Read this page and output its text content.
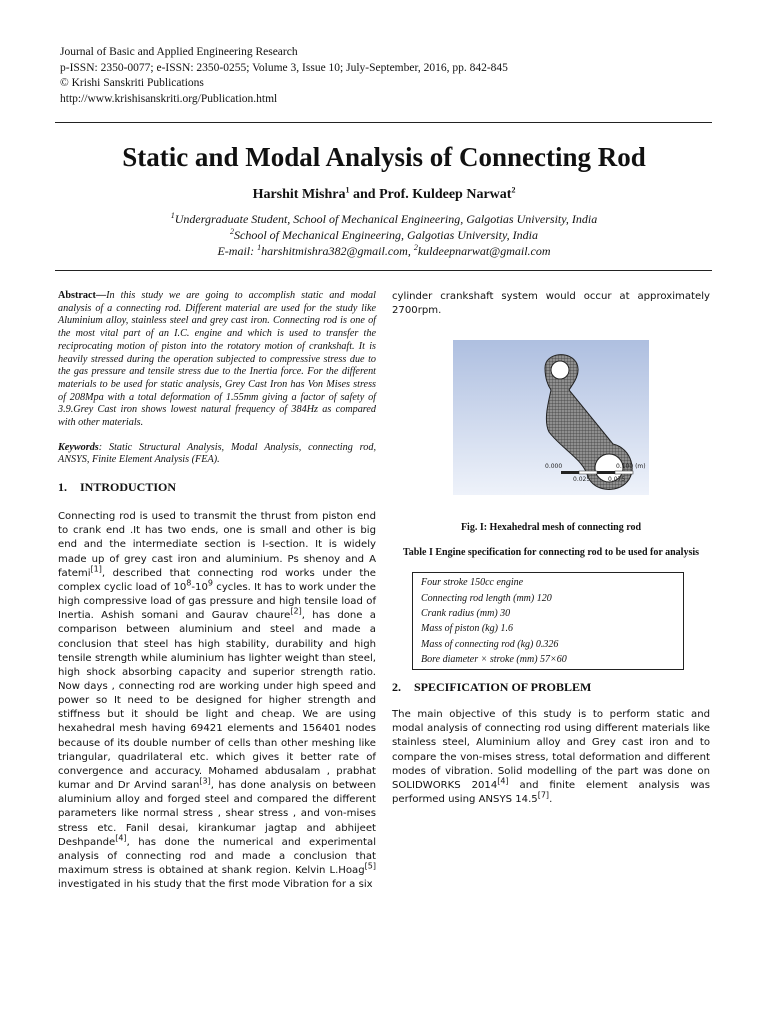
Journal of Basic and Applied Engineering Research
p-ISSN: 2350-0077; e-ISSN: 2350-0255; Volume 3, Issue 10; July-September, 2016, pp. 842-845
© Krishi Sanskriti Publications
http://www.krishisanskriti.org/Publication.html
Static and Modal Analysis of Connecting Rod
Harshit Mishra$^1$ and Prof. Kuldeep Narwat$^2$
$^1$Undergraduate Student, School of Mechanical Engineering, Galgotias University, India
$^2$School of Mechanical Engineering, Galgotias University, India
E-mail: $^1$harshitmishra382@gmail.com, $^2$kuldeepnarwat@gmail.com

Abstract—In this study we are going to accomplish static and modal analysis of a connecting rod. Different material are used for the study like Aluminium alloy, stainless steel and grey cast iron. Connecting rod is one of the most vital part of an I.C. engine and which is used to transfer the reciprocating motion of piston into the rotatory motion of crankshaft. It is heavily stressed during the operation subjected to compressive stress due to the gas pressure and tensile stress due to the Inertia force. For the different materials to be used for static analysis, Grey Cast Iron has Von Mises stress of 208Mpa with a total deformation of 1.55mm giving a factor of safety of 3.9.Grey Cast iron shows lowest natural frequency of 384Hz as compared with other materials.

Keywords: Static Structural Analysis, Modal Analysis, connecting rod, ANSYS, Finite Element Analysis (FEA).

1.	INTRODUCTION

Connecting rod is used to transmit the thrust from piston end to crank end .It has two ends, one is small and other is big end and the intermediate section is I-section. It is widely made up of grey cast iron and aluminium. Ps shenoy and A fatemi[1], described that connecting rod works under the complex cyclic load of $10^8-10^9$ cycles. It has to work under the high compressive load of gas pressure and high tensile load of Inertia. Ashish somani and Gaurav chaure[2], has done a comparison between aluminium and steel and made a conclusion that steel has high stability, durability and high tensile strength while aluminium has lighter weight than steel, high shock absorbing capacity and superior strength ratio. Now days , connecting rod are working under high speed and power so It need to be designed for higher strength and stiffness but it should be light and cheap. We are using hexahedral mesh having 69421 elements and 156401 nodes because of its double number of cells than other meshing like triangular, quadrilateral etc. which gives it better rate of convergence and accuracy. Mohamed abdusalam , prabhat kumar and Dr Arvind saran[3], has done analysis on between aluminium alloy and forged steel and compared the different parameters like normal stress , shear stress , and von-mises stress etc. Fanil desai, kirankumar jagtap and abhijeet Deshpande[4], has done the numerical and experimental analysis of connecting rod and made a conclusion that maximum stress is obtained at shank region. Kelvin L.Hoag[5] investigated in his study that the first mode Vibration for a six

cylinder crankshaft system would occur at approximately 2700rpm.

0.000
0.025	0.075
0.100 (m)

Fig. I: Hexahedral mesh of connecting rod

Table I Engine specification for connecting rod to be used for analysis

Four stroke 150cc engine
Connecting rod length (mm) 120
Crank radius (mm) 30
Mass of piston (kg) 1.6
Mass of connecting rod (kg) 0.326
Bore diameter × stroke (mm) 57×60
2.	SPECIFICATION OF PROBLEM

The main objective of this study is to perform static and modal analysis of connecting rod using different materials like stainless steel, Aluminium alloy and Grey cast iron and to compare the von-mises stress, total deformation and different modes of vibration. Solid modelling of the part was done on SOLIDWORKS 2014[4] and finite element analysis was performed using ANSYS 14.5[7].
